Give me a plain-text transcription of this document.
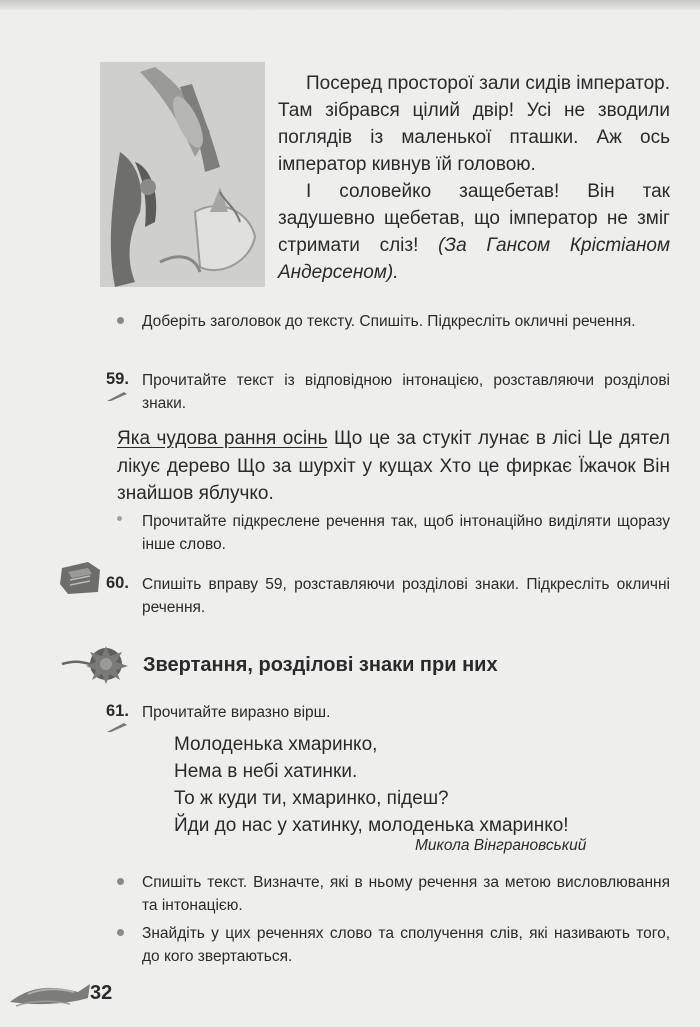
Посеред просторої зали сидів імператор. Там зібрався цілий двір! Усі не зводили поглядів із маленької пташки. Аж ось імператор кивнув їй головою.

І соловейко защебетав! Він так задушевно щебетав, що імператор не зміг стримати сліз! (За Гансом Крістіаном Андерсеном).

Доберіть заголовок до тексту. Спишіть. Підкресліть окличні речення.
59. Прочитайте текст із відповідною інтонацією, розставляючи розділові знаки.
Яка чудова рання осінь Що це за стукіт лунає в лісі Це дятел лікує дерево Що за шурхіт у кущах Хто це фиркає Їжачок Він знайшов яблучко.
Прочитайте підкреслене речення так, щоб інтонаційно виділяти щоразу інше слово.
60. Спишіть вправу 59, розставляючи розділові знаки. Підкресліть окличні речення.
Звертання, розділові знаки при них
61. Прочитайте виразно вірш.
Молоденька хмаринко,
Нема в небі хатинки.
То ж куди ти, хмаринко, підеш?
Йди до нас у хатинку, молоденька хмаринко!
Микола Вінграновський
Спишіть текст. Визначте, які в ньому речення за метою висловлювання та інтонацією.
Знайдіть у цих реченнях слово та сполучення слів, які називають того, до кого звертаються.
32
